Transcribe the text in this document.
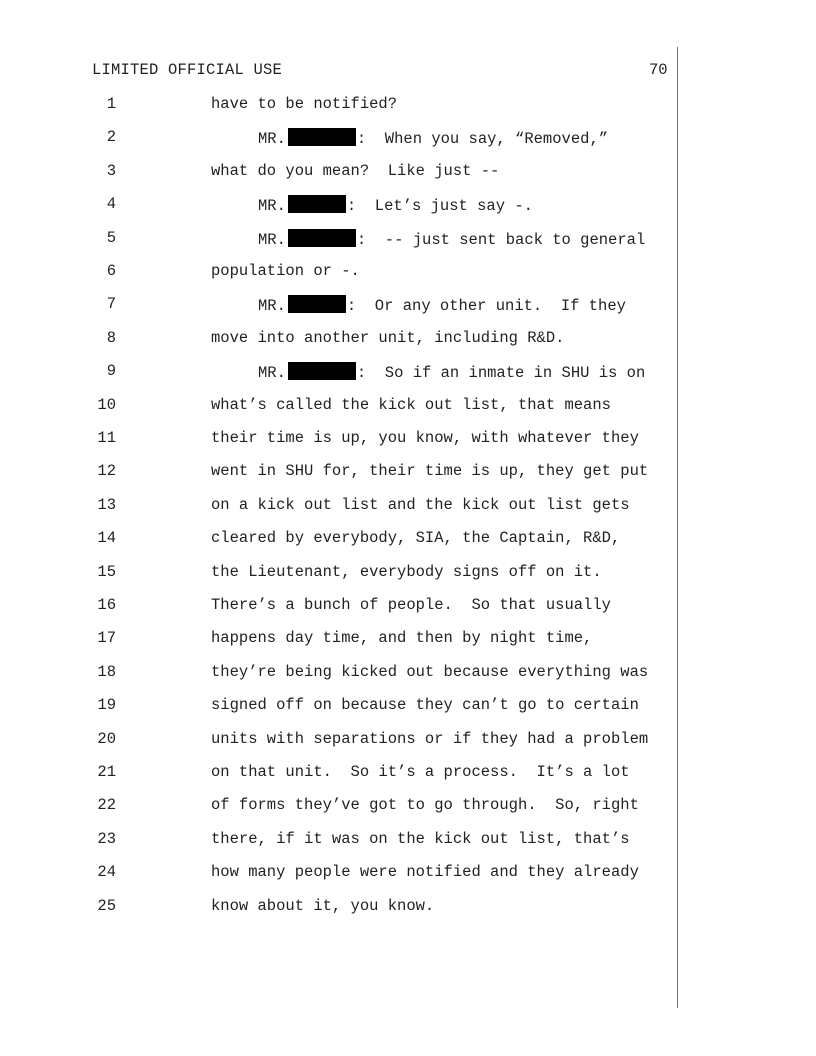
LIMITED OFFICIAL USE	70
1	have to be notified?
2	MR.	:  When you say, “Removed,”
3	what do you mean?  Like just --
4	MR.	:  Let’s just say -.
5	MR.	:  -- just sent back to general
6	population or -.
7	MR.	:  Or any other unit.  If they
8	move into another unit, including R&D.
9	MR.	:  So if an inmate in SHU is on
10	what’s called the kick out list, that means
11	their time is up, you know, with whatever they
12	went in SHU for, their time is up, they get put
13	on a kick out list and the kick out list gets
14	cleared by everybody, SIA, the Captain, R&D,
15	the Lieutenant, everybody signs off on it.
16	There’s a bunch of people.  So that usually
17	happens day time, and then by night time,
18	they’re being kicked out because everything was
19	signed off on because they can’t go to certain
20	units with separations or if they had a problem
21	on that unit.  So it’s a process.  It’s a lot
22	of forms they’ve got to go through.  So, right
23	there, if it was on the kick out list, that’s
24	how many people were notified and they already
25	know about it, you know.
